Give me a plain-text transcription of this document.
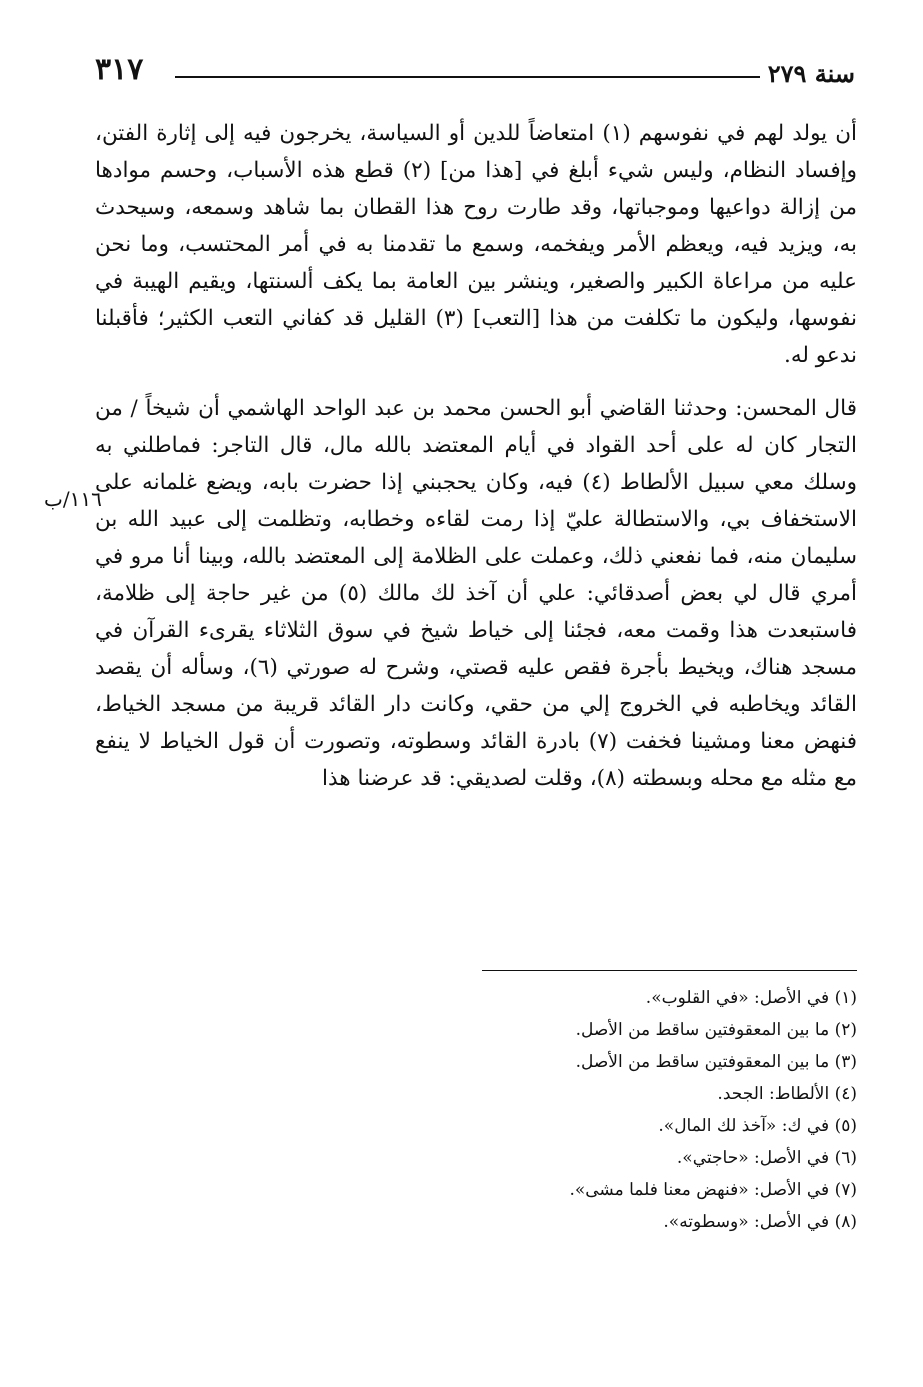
٣١٧	سنة ٢٧٩

أن يولد لهم في نفوسهم (١) امتعاضاً للدين أو السياسة، يخرجون فيه إلى إثارة الفتن، وإفساد النظام، وليس شيء أبلغ في [هذا من] (٢) قطع هذه الأسباب، وحسم موادها من إزالة دواعيها وموجباتها، وقد طارت روح هذا القطان بما شاهد وسمعه، وسيحدث به، ويزيد فيه، ويعظم الأمر ويفخمه، وسمع ما تقدمنا به في أمر المحتسب، وما نحن عليه من مراعاة الكبير والصغير، وينشر بين العامة بما يكف ألسنتها، ويقيم الهيبة في نفوسها، وليكون ما تكلفت من هذا [التعب] (٣) القليل قد كفاني التعب الكثير؛ فأقبلنا ندعو له.

قال المحسن: وحدثنا القاضي أبو الحسن محمد بن عبد الواحد الهاشمي أن شيخاً / من التجار كان له على أحد القواد في أيام المعتضد بالله مال، قال التاجر: فماطلني به وسلك معي سبيل الألطاط (٤) فيه، وكان يحجبني إذا حضرت بابه، ويضع غلمانه على الاستخفاف بي، والاستطالة عليّ إذا رمت لقاءه وخطابه، وتظلمت إلى عبيد الله بن سليمان منه، فما نفعني ذلك، وعملت على الظلامة إلى المعتضد بالله، وبينا أنا مرو في أمري قال لي بعض أصدقائي: علي أن آخذ لك مالك (٥) من غير حاجة إلى ظلامة، فاستبعدت هذا وقمت معه، فجئنا إلى خياط شيخ في سوق الثلاثاء يقرىء القرآن في مسجد هناك، ويخيط بأجرة فقص عليه قصتي، وشرح له صورتي (٦)، وسأله أن يقصد القائد ويخاطبه في الخروج إلي من حقي، وكانت دار القائد قريبة من مسجد الخياط، فنهض معنا ومشينا فخفت (٧) بادرة القائد وسطوته، وتصورت أن قول الخياط لا ينفع مع مثله مع محله وبسطته (٨)، وقلت لصديقي: قد عرضنا هذا

١١٦/ب

(١) في الأصل: «في القلوب».

(٢) ما بين المعقوفتين ساقط من الأصل.

(٣) ما بين المعقوفتين ساقط من الأصل.

(٤) الألطاط: الجحد.

(٥) في ك: «آخذ لك المال».

(٦) في الأصل: «حاجتي».

(٧) في الأصل: «فنهض معنا فلما مشى».

(٨) في الأصل: «وسطوته».
